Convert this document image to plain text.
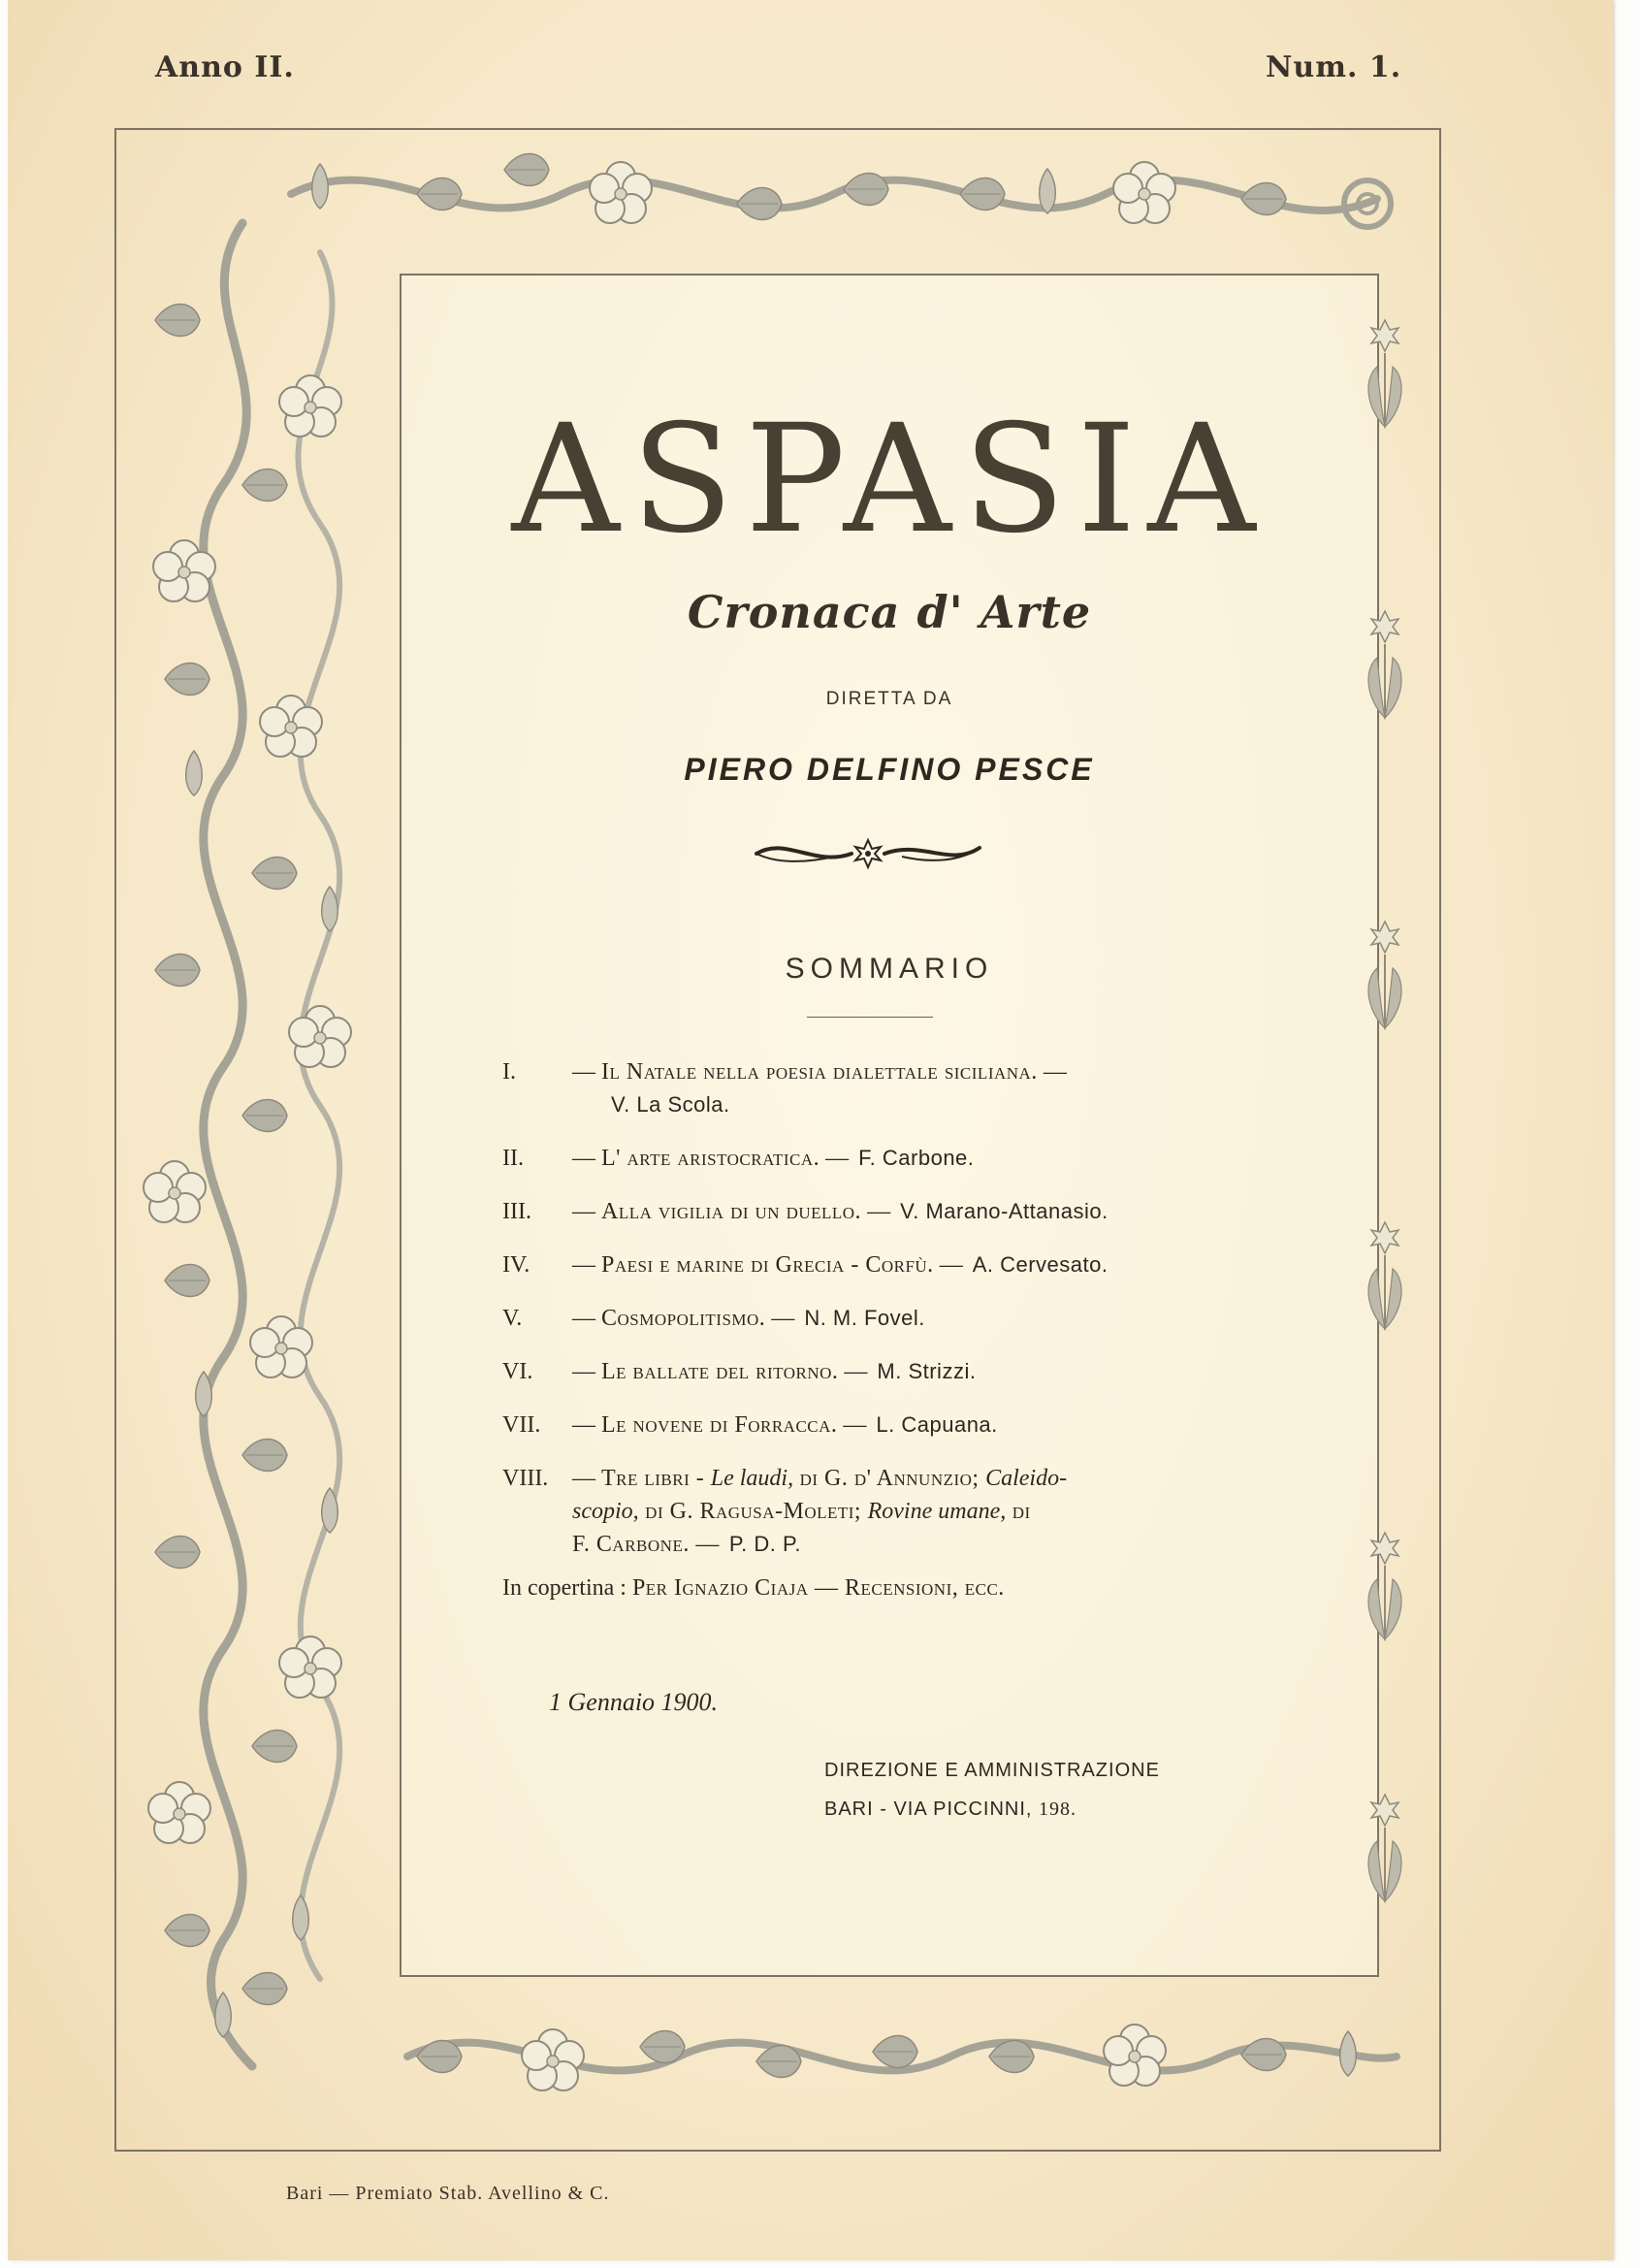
Anno II.	Num. 1.
ASPASIA
Cronaca d' Arte
DIRETTA DA
PIERO DELFINO PESCE
SOMMARIO
I.	— Il Natale nella poesia dialettale siciliana. —
V. La Scola.
II.	— L' arte aristocratica. — F. Carbone.
III.	— Alla vigilia di un duello. — V. Marano-Attanasio.
IV.	— Paesi e marine di Grecia - Corfù. — A. Cervesato.
V.	— Cosmopolitismo. — N. M. Fovel.
VI.	— Le ballate del ritorno. — M. Strizzi.
VII.	— Le novene di Forracca. — L. Capuana.
VIII.	— Tre libri - Le laudi, di G. d' Annunzio; Caleido-
scopio, di G. Ragusa-Moleti; Rovine umane, di
F. Carbone. — P. D. P.
In copertina : Per Ignazio Ciaja — Recensioni, ecc.
1 Gennaio 1900.
DIREZIONE E AMMINISTRAZIONE
BARI - VIA PICCINNI, 198.
Bari — Premiato Stab. Avellino & C.
